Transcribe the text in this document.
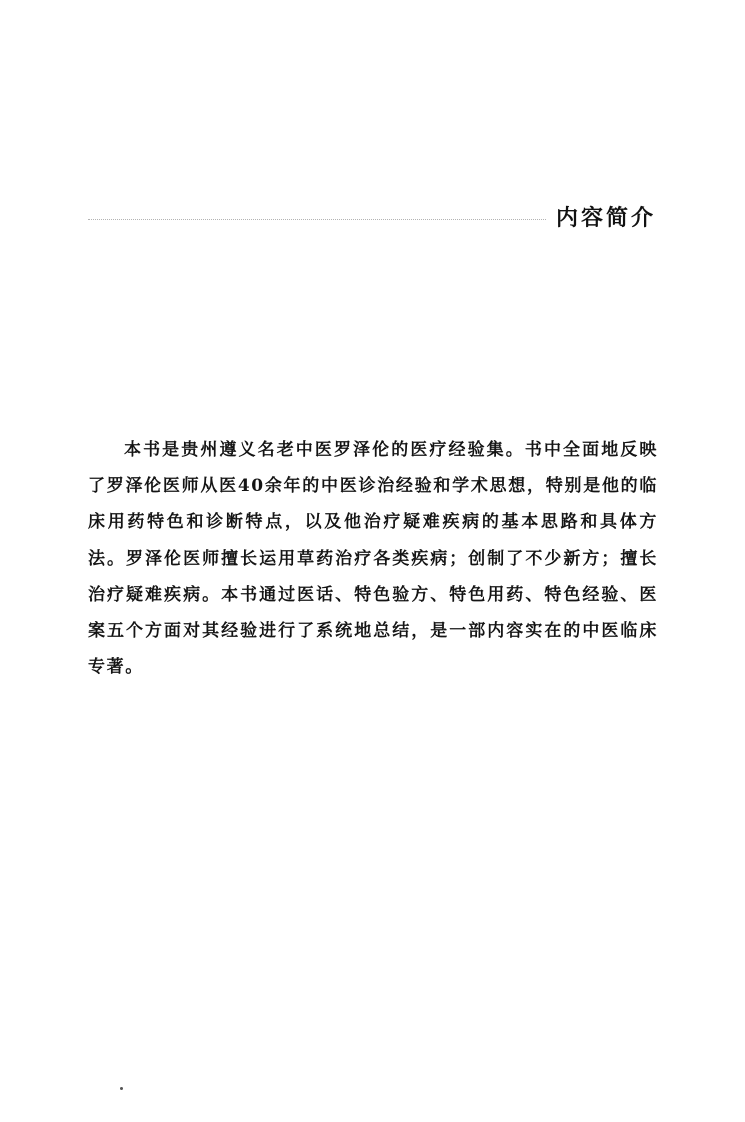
内容简介

本书是贵州遵义名老中医罗泽伦的医疗经验集。书中全面地反映了罗泽伦医师从医40余年的中医诊治经验和学术思想，特别是他的临床用药特色和诊断特点，以及他治疗疑难疾病的基本思路和具体方法。罗泽伦医师擅长运用草药治疗各类疾病；创制了不少新方；擅长治疗疑难疾病。本书通过医话、特色验方、特色用药、特色经验、医案五个方面对其经验进行了系统地总结，是一部内容实在的中医临床专著。
